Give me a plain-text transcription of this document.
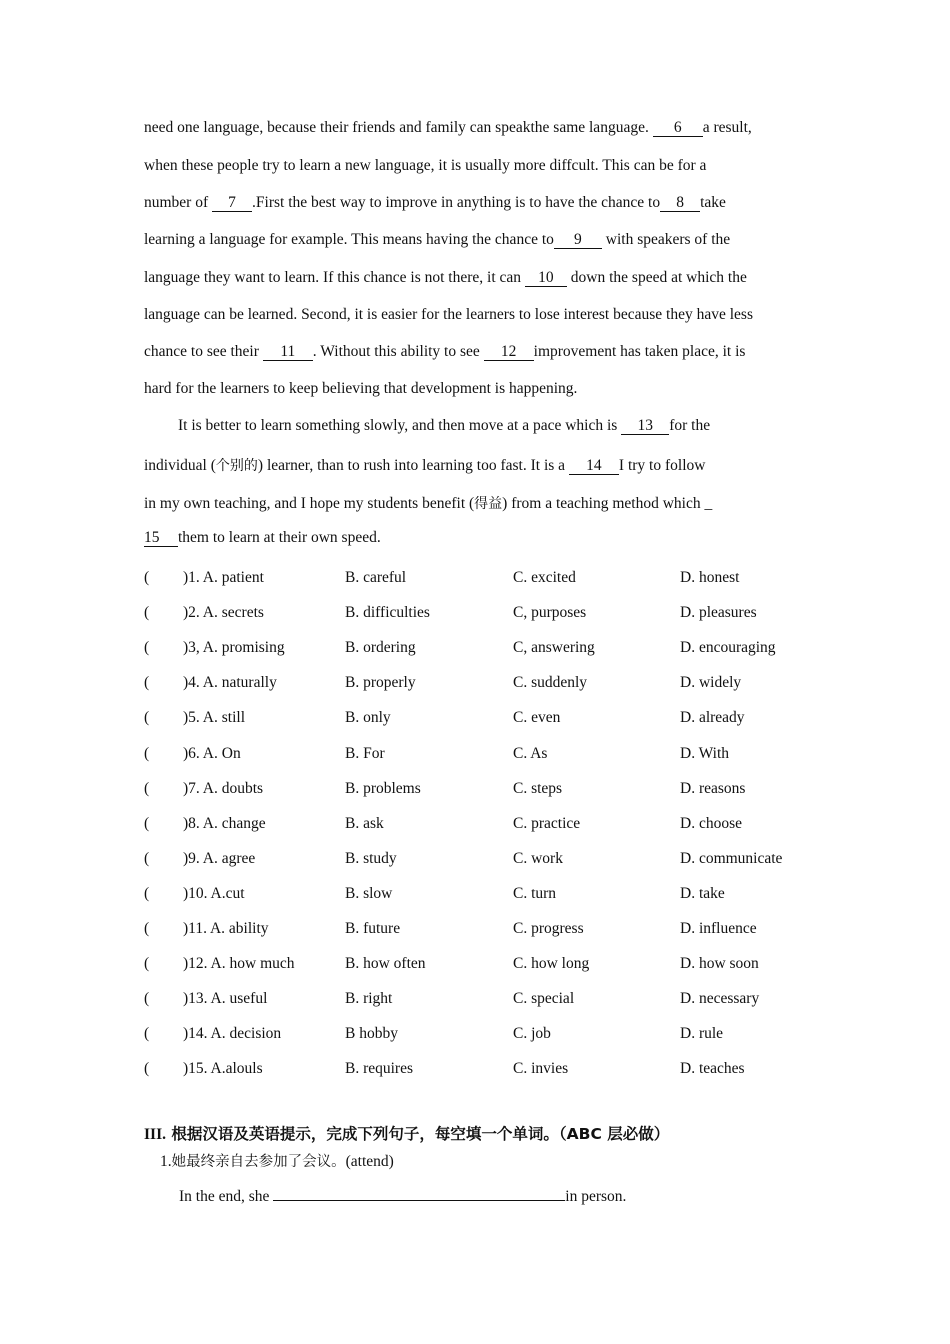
need one language, because their friends and family can speakthe same language. 6 a result,
when these people try to learn a new language, it is usually more diffcult. This can be for a
number of 7 .First the best way to improve in anything is to have the chance to 8 take
learning a language for example. This means having the chance to 9 with speakers of the
language they want to learn. If this chance is not there, it can 10 down the speed at which the
language can be learned. Second, it is easier for the learners to lose interest because they have less
chance to see their 11 . Without this ability to see 12 improvement has taken place, it is
hard for the learners to keep believing that development is happening.
It is better to learn something slowly, and then move at a pace which is 13 for the
individual (个别的) learner, than to rush into learning too fast. It is a 14 I try to follow
in my own teaching, and I hope my students benefit (得益) from a teaching method which _
15 them to learn at their own speed.
( )1. A. patient	B. careful	C. excited	D. honest
( )2. A. secrets	B. difficulties	C, purposes	D. pleasures
( )3, A. promising	B. ordering	C, answering	D. encouraging
( )4. A. naturally	B. properly	C. suddenly	D. widely
( )5. A. still	B. only	C. even	D. already
( )6. A. On	B. For	C. As	D. With
( )7. A. doubts	B. problems	C. steps	D. reasons
( )8. A. change	B. ask	C. practice	D. choose
( )9. A. agree	B. study	C. work	D. communicate
( )10. A.cut	B. slow	C. turn	D. take
( )11. A. ability	B. future	C. progress	D. influence
( )12. A. how much	B. how often	C. how long	D. how soon
( )13. A. useful	B. right	C. special	D. necessary
( )14. A. decision	B hobby	C. job	D. rule
( )15. A.alouls	B. requires	C. invies	D. teaches
III. 根据汉语及英语提示，完成下列句子，每空填一个单词。（ABC 层必做）
1.她最终亲自去参加了会议。(attend)
In the end, she	in person.
